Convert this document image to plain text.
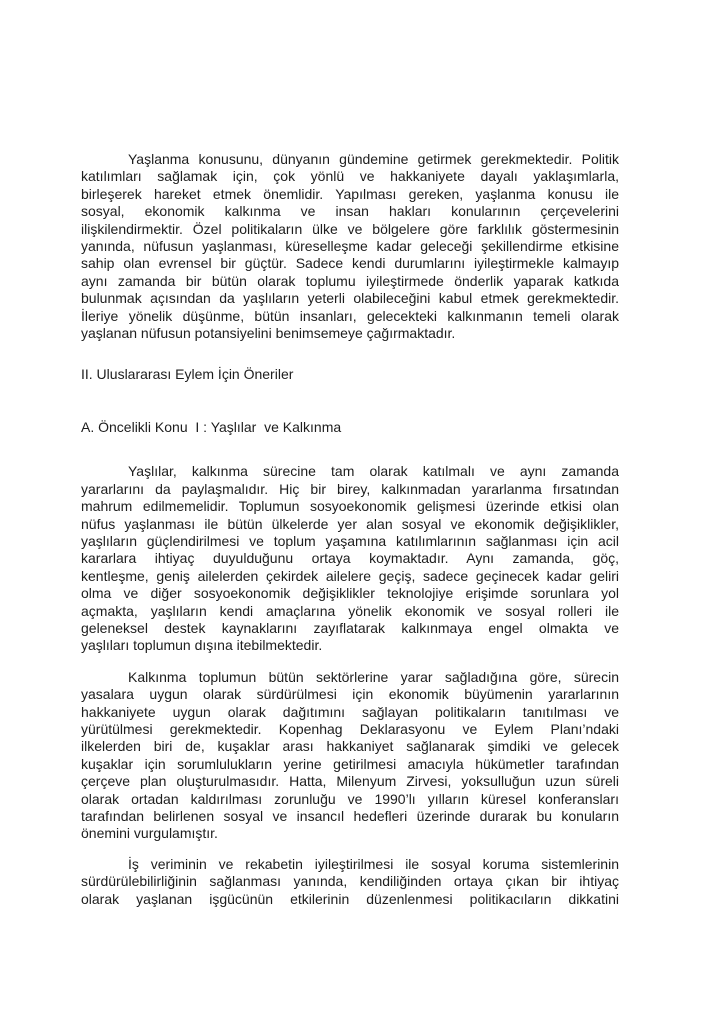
Yaşlanma konusunu, dünyanın gündemine getirmek gerekmektedir. Politik
katılımları sağlamak için, çok yönlü ve hakkaniyete dayalı yaklaşımlarla,
birleşerek hareket etmek önemlidir. Yapılması gereken, yaşlanma konusu ile
sosyal, ekonomik kalkınma ve insan hakları konularının çerçevelerini
ilişkilendirmektir. Özel politikaların ülke ve bölgelere göre farklılık göstermesinin
yanında, nüfusun yaşlanması, küreselleşme kadar geleceği şekillendirme etkisine
sahip olan evrensel bir güçtür. Sadece kendi durumlarını iyileştirmekle kalmayıp
aynı zamanda bir bütün olarak toplumu iyileştirmede önderlik yaparak katkıda
bulunmak açısından da yaşlıların yeterli olabileceğini kabul etmek gerekmektedir.
İleriye yönelik düşünme, bütün insanları, gelecekteki kalkınmanın temeli olarak
yaşlanan nüfusun potansiyelini benimsemeye çağırmaktadır.
II. Uluslararası Eylem İçin Öneriler
A. Öncelikli Konu  I : Yaşlılar  ve Kalkınma
Yaşlılar, kalkınma sürecine tam olarak katılmalı ve aynı zamanda
yararlarını da paylaşmalıdır. Hiç bir birey, kalkınmadan yararlanma fırsatından
mahrum edilmemelidir. Toplumun sosyoekonomik gelişmesi üzerinde etkisi olan
nüfus yaşlanması ile bütün ülkelerde yer alan sosyal ve ekonomik değişiklikler,
yaşlıların güçlendirilmesi ve toplum yaşamına katılımlarının sağlanması için acil
kararlara ihtiyaç duyulduğunu ortaya koymaktadır. Aynı zamanda, göç,
kentleşme, geniş ailelerden çekirdek ailelere geçiş, sadece geçinecek kadar geliri
olma ve diğer sosyoekonomik değişiklikler teknolojiye erişimde sorunlara yol
açmakta, yaşlıların kendi amaçlarına yönelik ekonomik ve sosyal rolleri ile
geleneksel destek kaynaklarını zayıflatarak kalkınmaya engel olmakta ve
yaşlıları toplumun dışına itebilmektedir.
Kalkınma toplumun bütün sektörlerine yarar sağladığına göre, sürecin
yasalara uygun olarak sürdürülmesi için ekonomik büyümenin yararlarının
hakkaniyete uygun olarak dağıtımını sağlayan politikaların tanıtılması ve
yürütülmesi gerekmektedir. Kopenhag Deklarasyonu ve Eylem Planı’ndaki
ilkelerden biri de, kuşaklar arası hakkaniyet sağlanarak şimdiki ve gelecek
kuşaklar için sorumlulukların yerine getirilmesi amacıyla hükümetler tarafından
çerçeve plan oluşturulmasıdır. Hatta, Milenyum Zirvesi, yoksulluğun uzun süreli
olarak ortadan kaldırılması zorunluğu ve 1990’lı yılların küresel konferansları
tarafından belirlenen sosyal ve insancıl hedefleri üzerinde durarak bu konuların
önemini vurgulamıştır.
İş veriminin ve rekabetin iyileştirilmesi ile sosyal koruma sistemlerinin
sürdürülebilirliğinin sağlanması yanında, kendiliğinden ortaya çıkan bir ihtiyaç
olarak yaşlanan işgücünün etkilerinin düzenlenmesi politikacıların dikkatini
